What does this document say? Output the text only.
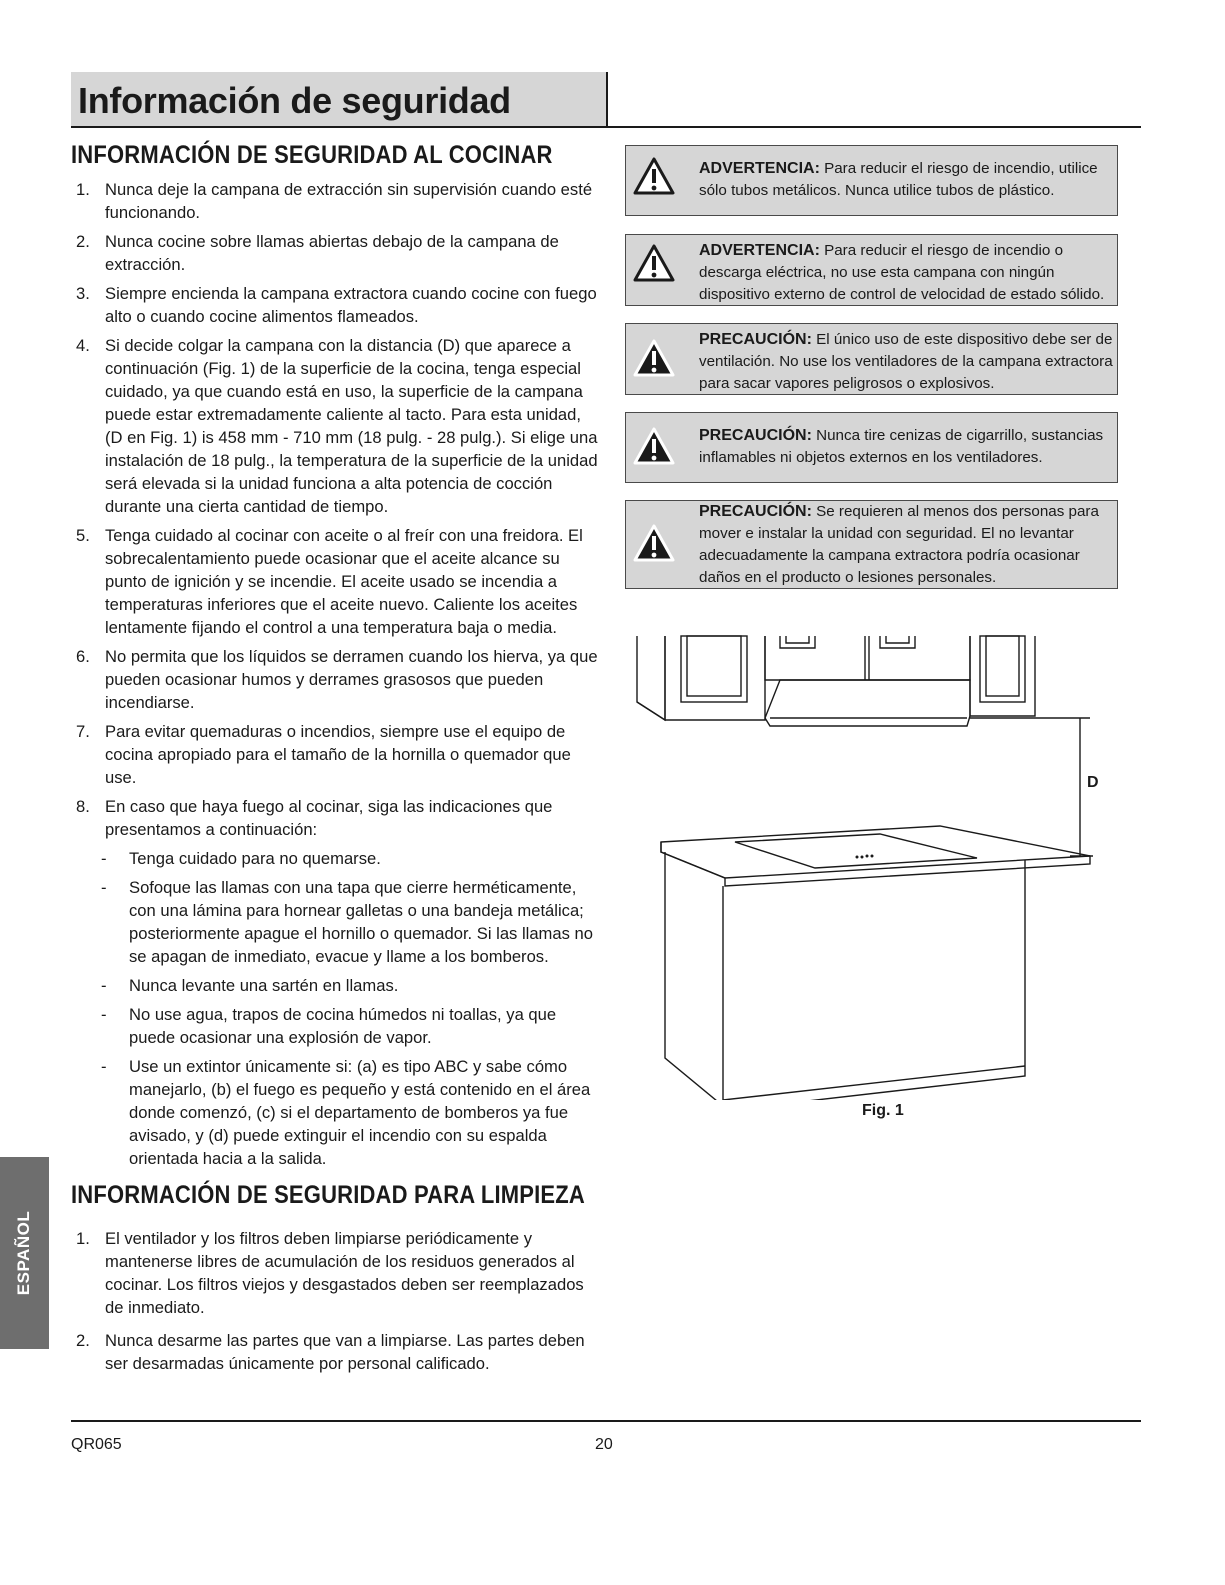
Información de seguridad
INFORMACIÓN DE SEGURIDAD AL COCINAR
1. Nunca deje la campana de extracción sin supervisión cuando esté funcionando.
2. Nunca cocine sobre llamas abiertas debajo de la campana de extracción.
3. Siempre encienda la campana extractora cuando cocine con fuego alto o cuando cocine alimentos flameados.
4. Si decide colgar la campana con la distancia (D) que aparece a continuación (Fig. 1) de la superficie de la cocina, tenga especial cuidado, ya que cuando está en uso, la superficie de la campana puede estar extremadamente caliente al tacto. Para esta unidad, (D en Fig. 1) is 458 mm - 710 mm (18 pulg. - 28 pulg.). Si elige una instalación de 18 pulg., la temperatura de la superficie de la unidad será elevada si la unidad funciona a alta potencia de cocción durante una cierta cantidad de tiempo.
5. Tenga cuidado al cocinar con aceite o al freír con una freidora. El sobrecalentamiento puede ocasionar que el aceite alcance su punto de ignición y se incendie. El aceite usado se incendia a temperaturas inferiores que el aceite nuevo. Caliente los aceites lentamente fijando el control a una temperatura baja o media.
6. No permita que los líquidos se derramen cuando los hierva, ya que pueden ocasionar humos y derrames grasosos que pueden incendiarse.
7. Para evitar quemaduras o incendios, siempre use el equipo de cocina apropiado para el tamaño de la hornilla o quemador que use.
8. En caso que haya fuego al cocinar, siga las indicaciones que presentamos a continuación:
- Tenga cuidado para no quemarse.
- Sofoque las llamas con una tapa que cierre herméticamente, con una lámina para hornear galletas o una bandeja metálica; posteriormente apague el hornillo o quemador. Si las llamas no se apagan de inmediato, evacue y llame a los bomberos.
- Nunca levante una sartén en llamas.
- No use agua, trapos de cocina húmedos ni toallas, ya que puede ocasionar una explosión de vapor.
- Use un extintor únicamente si: (a) es tipo ABC y sabe cómo manejarlo, (b) el fuego es pequeño y está contenido en el área donde comenzó, (c) si el departamento de bomberos ya fue avisado, y (d) puede extinguir el incendio con su espalda orientada hacia a la salida.
INFORMACIÓN DE SEGURIDAD PARA LIMPIEZA
1. El ventilador y los filtros deben limpiarse periódicamente y mantenerse libres de acumulación de los residuos generados al cocinar. Los filtros viejos y desgastados deben ser reemplazados de inmediato.
2. Nunca desarme las partes que van a limpiarse. Las partes deben ser desarmadas únicamente por personal calificado.
ADVERTENCIA: Para reducir el riesgo de incendio, utilice sólo tubos metálicos. Nunca utilice tubos de plástico.
ADVERTENCIA: Para reducir el riesgo de incendio o descarga eléctrica, no use esta campana con ningún dispositivo externo de control de velocidad de estado sólido.
PRECAUCIÓN: El único uso de este dispositivo debe ser de ventilación. No use los ventiladores de la campana extractora para sacar vapores peligrosos o explosivos.
PRECAUCIÓN: Nunca tire cenizas de cigarrillo, sustancias inflamables ni objetos externos en los ventiladores.
PRECAUCIÓN: Se requieren al menos dos personas para mover e instalar la unidad con seguridad. El no levantar adecuadamente la campana extractora podría ocasionar daños en el producto o lesiones personales.
D
Fig. 1
ESPAÑOL
QR065	20
